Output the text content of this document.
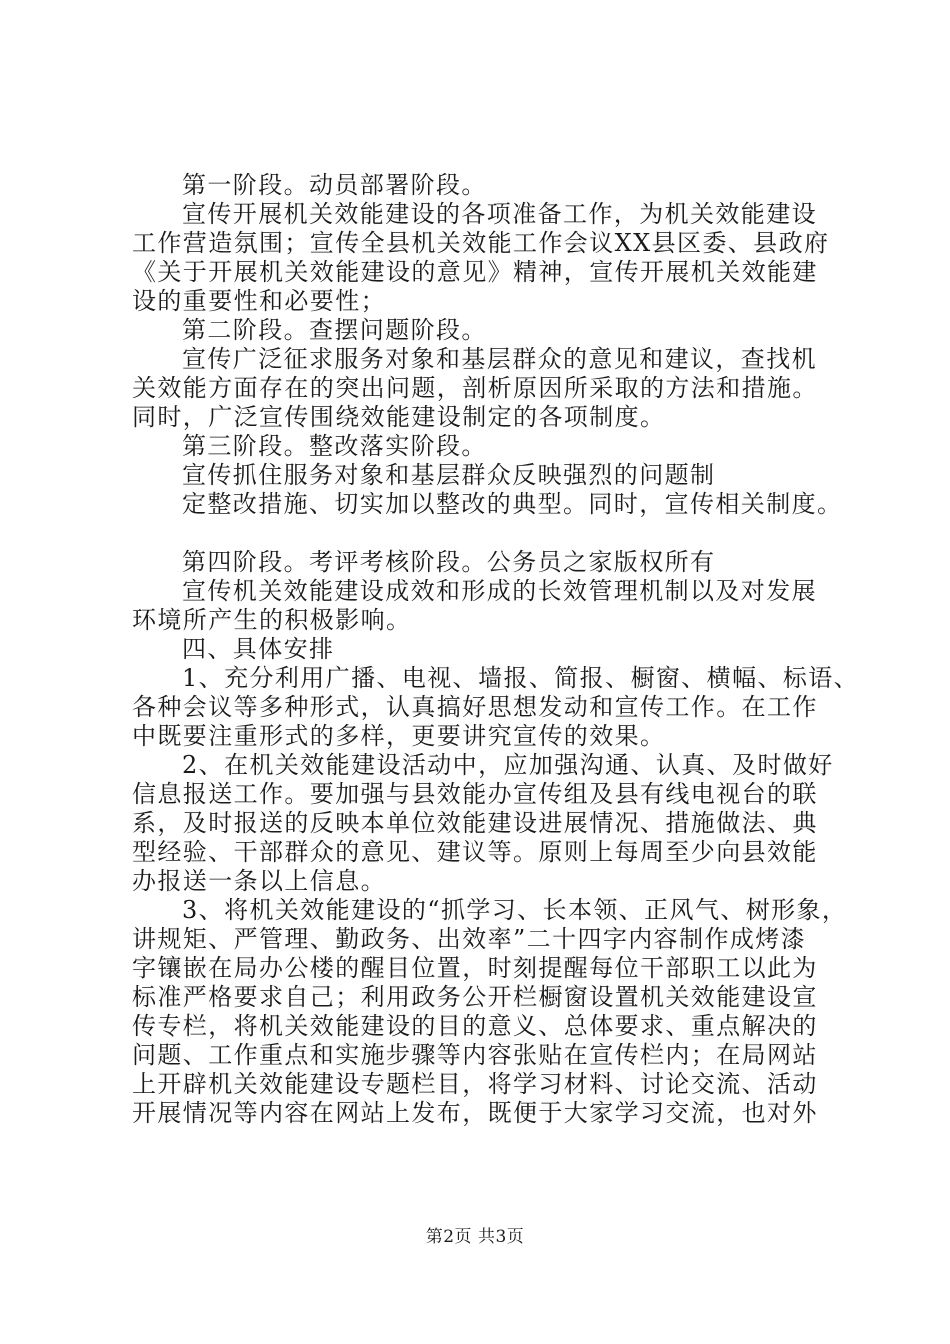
第一阶段。动员部署阶段。
宣传开展机关效能建设的各项准备工作，为机关效能建设
工作营造氛围；宣传全县机关效能工作会议XX县区委、县政府
《关于开展机关效能建设的意见》精神，宣传开展机关效能建
设的重要性和必要性；
第二阶段。查摆问题阶段。
宣传广泛征求服务对象和基层群众的意见和建议，查找机
关效能方面存在的突出问题，剖析原因所采取的方法和措施。
同时，广泛宣传围绕效能建设制定的各项制度。
第三阶段。整改落实阶段。
宣传抓住服务对象和基层群众反映强烈的问题制
定整改措施、切实加以整改的典型。同时，宣传相关制度。
第四阶段。考评考核阶段。公务员之家版权所有
宣传机关效能建设成效和形成的长效管理机制以及对发展
环境所产生的积极影响。
四、具体安排
1、充分利用广播、电视、墙报、简报、橱窗、横幅、标语、
各种会议等多种形式，认真搞好思想发动和宣传工作。在工作
中既要注重形式的多样，更要讲究宣传的效果。
2、在机关效能建设活动中，应加强沟通、认真、及时做好
信息报送工作。要加强与县效能办宣传组及县有线电视台的联
系，及时报送的反映本单位效能建设进展情况、措施做法、典
型经验、干部群众的意见、建议等。原则上每周至少向县效能
办报送一条以上信息。
3、将机关效能建设的“抓学习、长本领、正风气、树形象，
讲规矩、严管理、勤政务、出效率”二十四字内容制作成烤漆
字镶嵌在局办公楼的醒目位置，时刻提醒每位干部职工以此为
标准严格要求自己；利用政务公开栏橱窗设置机关效能建设宣
传专栏，将机关效能建设的目的意义、总体要求、重点解决的
问题、工作重点和实施步骤等内容张贴在宣传栏内；在局网站
上开辟机关效能建设专题栏目，将学习材料、讨论交流、活动
开展情况等内容在网站上发布，既便于大家学习交流，也对外
第2页 共3页
